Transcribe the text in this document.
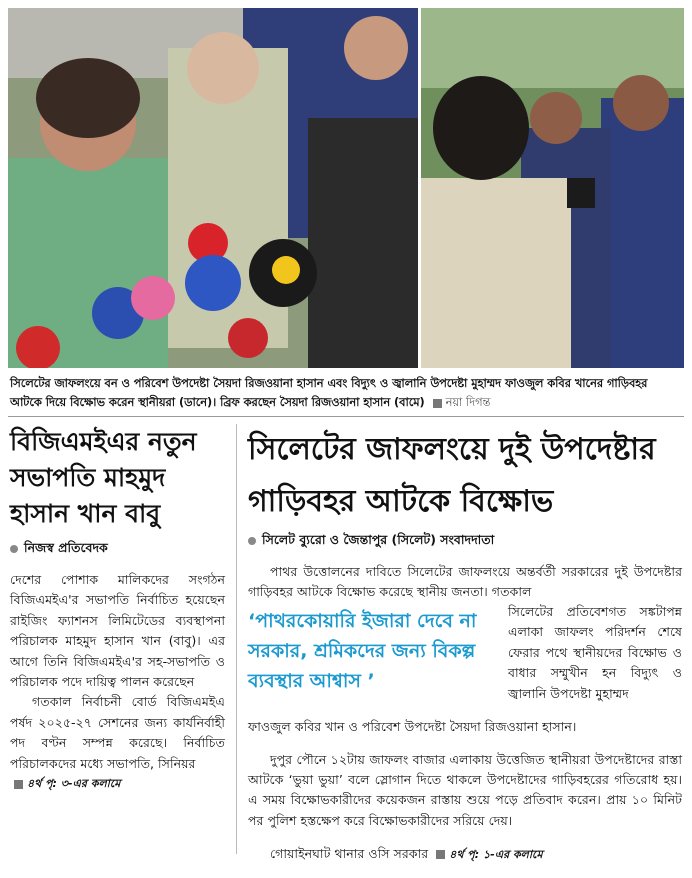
সিলেটের জাফলংয়ে বন ও পরিবেশ উপদেষ্টা সৈয়দা রিজওয়ানা হাসান এবং বিদ্যুৎ ও জ্বালানি উপদেষ্টা মুহাম্মদ ফাওজুল কবির খানের গাড়িবহর আটকে দিয়ে বিক্ষোভ করেন স্থানীয়রা (ডানে)। ব্রিফ করছেন সৈয়দা রিজওয়ানা হাসান (বামে) নয়া দিগন্ত
বিজিএমইএর নতুন সভাপতি মাহমুদ হাসান খান বাবু
নিজস্ব প্রতিবেদক

দেশের পোশাক মালিকদের সংগঠন বিজিএমইএ'র সভাপতি নির্বাচিত হয়েছেন রাইজিং ফ্যাশনস লিমিটেডের ব্যবস্থাপনা পরিচালক মাহমুদ হাসান খান (বাবু)। এর আগে তিনি বিজিএমইএ'র সহ-সভাপতি ও পরিচালক পদে দায়িত্ব পালন করেছেন

গতকাল নির্বাচনী বোর্ড বিজিএমইএ পর্ষদ ২০২৫-২৭ সেশনের জন্য কার্যনির্বাহী পদ বণ্টন সম্পন্ন করেছে। নির্বাচিত পরিচালকদের মধ্যে সভাপতি, সিনিয়র

৪র্থ পৃ: ৩-এর কলামে

সিলেটের জাফলংয়ে দুই উপদেষ্টার গাড়িবহর আটকে বিক্ষোভ
সিলেট ব্যুরো ও জৈন্তাপুর (সিলেট) সংবাদদাতা

পাথর উত্তোলনের দাবিতে সিলেটের জাফলংয়ে অন্তর্বর্তী সরকারের দুই উপদেষ্টার গাড়িবহর আটকে বিক্ষোভ করেছে স্থানীয় জনতা। গতকাল

‘পাথরকোয়ারি ইজারা দেবে না সরকার, শ্রমিকদের জন্য বিকল্প ব্যবস্থার আশ্বাস ’
সিলেটের প্রতিবেশগত সঙ্কটাপন্ন এলাকা জাফলং পরিদর্শন শেষে ফেরার পথে স্থানীয়দের বিক্ষোভ ও বাধার সম্মুখীন হন বিদ্যুৎ ও জ্বালানি উপদেষ্টা মুহাম্মদ

ফাওজুল কবির খান ও পরিবেশ উপদেষ্টা সৈয়দা রিজওয়ানা হাসান।

দুপুর পৌনে ১২টায় জাফলং বাজার এলাকায় উত্তেজিত স্থানীয়রা উপদেষ্টাদের রাস্তা আটকে ‘ভুয়া ভুয়া’ বলে স্লোগান দিতে থাকলে উপদেষ্টাদের গাড়িবহরের গতিরোধ হয়। এ সময় বিক্ষোভকারীদের কয়েকজন রাস্তায় শুয়ে পড়ে প্রতিবাদ করেন। প্রায় ১০ মিনিট পর পুলিশ হস্তক্ষেপ করে বিক্ষোভকারীদের সরিয়ে দেয়।

গোয়াইনঘাট থানার ওসি সরকার ৪র্থ পৃ: ১-এর কলামে
